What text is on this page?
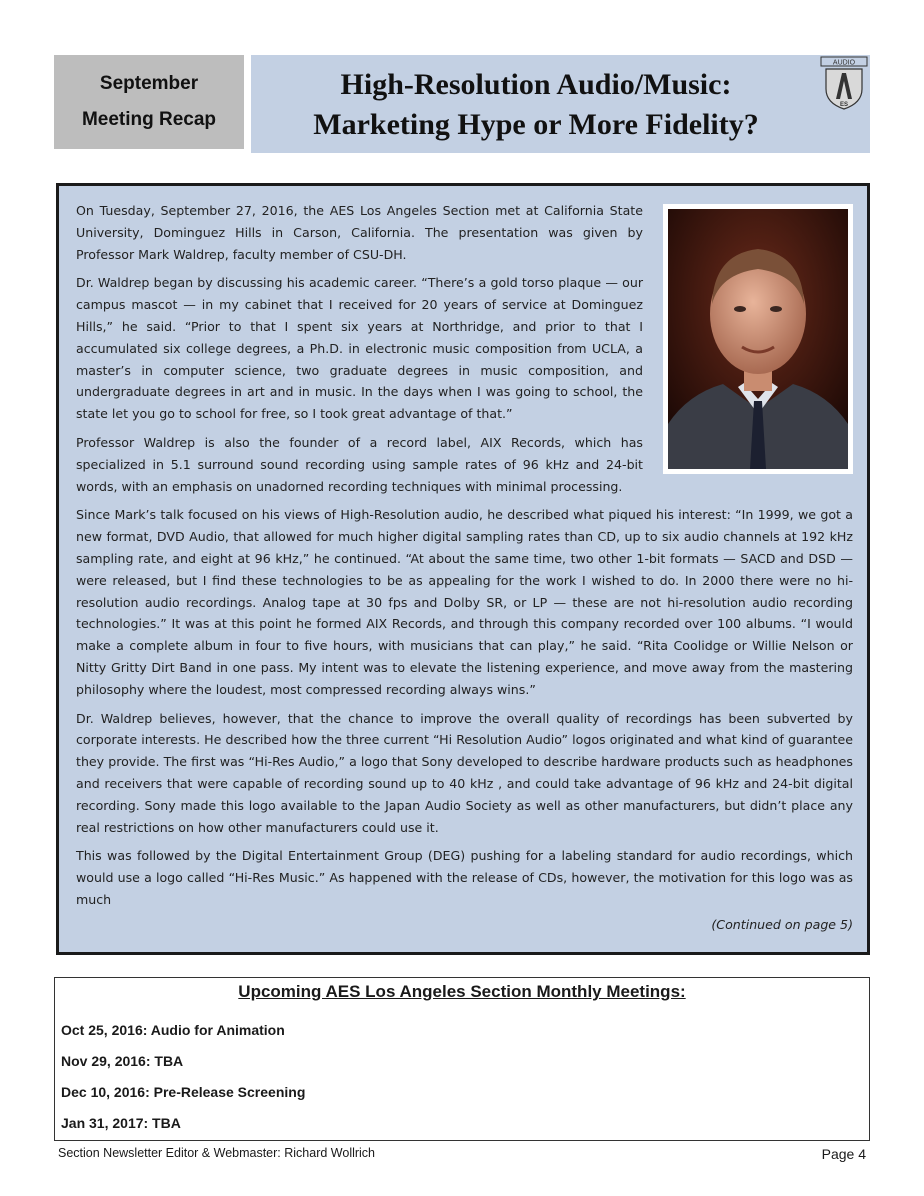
September
Meeting Recap
High-Resolution Audio/Music:
Marketing Hype or More Fidelity?
AUDIO
ES

On Tuesday, September 27, 2016, the AES Los Angeles Section met at California State University, Dominguez Hills in Carson, California. The presentation was given by Professor Mark Waldrep, faculty member of CSU-DH.

Dr. Waldrep began by discussing his academic career. “There’s a gold torso plaque — our campus mascot — in my cabinet that I received for 20 years of service at Dominguez Hills,” he said. “Prior to that I spent six years at Northridge, and prior to that I accumulated six college degrees, a Ph.D. in electronic music composition from UCLA, a master’s in computer science, two graduate degrees in music composition, and undergraduate degrees in art and in music. In the days when I was going to school, the state let you go to school for free, so I took great advantage of that.”

Professor Waldrep is also the founder of a record label, AIX Records, which has specialized in 5.1 surround sound recording using sample rates of 96 kHz and 24-bit words, with an emphasis on unadorned recording techniques with minimal processing.

Since Mark’s talk focused on his views of High-Resolution audio, he described what piqued his interest: “In 1999, we got a new format, DVD Audio, that allowed for much higher digital sampling rates than CD, up to six audio channels at 192 kHz sampling rate, and eight at 96 kHz,” he continued. “At about the same time, two other 1-bit formats — SACD and DSD — were released, but I find these technologies to be as appealing for the work I wished to do. In 2000 there were no hi-resolution audio recordings. Analog tape at 30 fps and Dolby SR, or LP — these are not hi-resolution audio recording technologies.” It was at this point he formed AIX Records, and through this company recorded over 100 albums. “I would make a complete album in four to five hours, with musicians that can play,” he said. “Rita Coolidge or Willie Nelson or Nitty Gritty Dirt Band in one pass. My intent was to elevate the listening experience, and move away from the mastering philosophy where the loudest, most compressed recording always wins.”

Dr. Waldrep believes, however, that the chance to improve the overall quality of recordings has been subverted by corporate interests. He described how the three current “Hi Resolution Audio” logos originated and what kind of guarantee they provide. The first was “Hi-Res Audio,” a logo that Sony developed to describe hardware products such as headphones and receivers that were capable of recording sound up to 40 kHz , and could take advantage of 96 kHz and 24-bit digital recording. Sony made this logo available to the Japan Audio Society as well as other manufacturers, but didn’t place any real restrictions on how other manufacturers could use it.

This was followed by the Digital Entertainment Group (DEG) pushing for a labeling standard for audio recordings, which would use a logo called “Hi-Res Music.” As happened with the release of CDs, however, the motivation for this logo was as much

(Continued on page 5)
Upcoming AES Los Angeles Section Monthly Meetings:
Oct 25, 2016: Audio for Animation
Nov 29, 2016: TBA
Dec 10, 2016: Pre-Release Screening
Jan 31, 2017: TBA
Section Newsletter Editor & Webmaster: Richard Wollrich	Page 4
